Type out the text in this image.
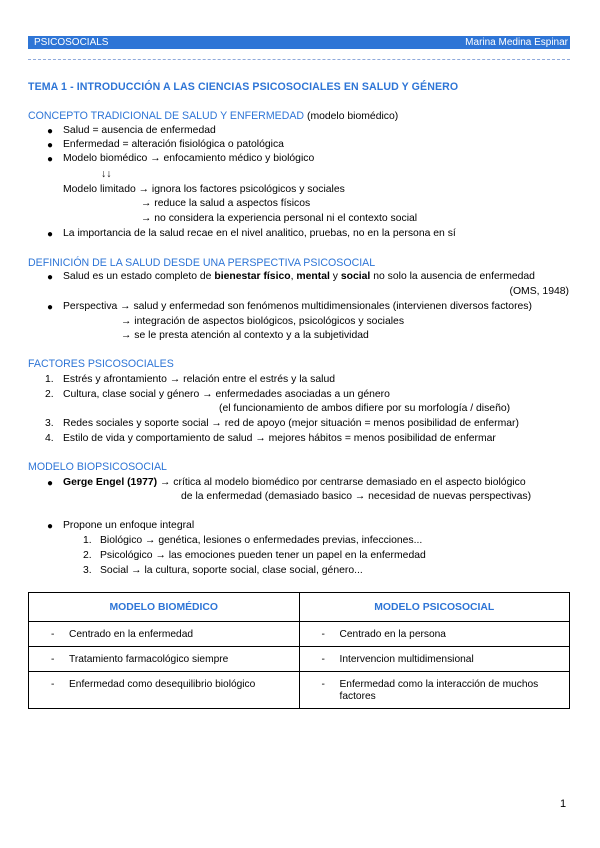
PSICOSOCIALS	Marina Medina Espinar
TEMA 1 - INTRODUCCIÓN A LAS CIENCIAS PSICOSOCIALES EN SALUD Y GÉNERO
CONCEPTO TRADICIONAL DE SALUD Y ENFERMEDAD (modelo biomédico)
● Salud = ausencia de enfermedad
● Enfermedad = alteración fisiológica o patológica
● Modelo biomédico → enfocamiento médico y biológico
↓↓
Modelo limitado → ignora los factores psicológicos y sociales
→ reduce la salud a aspectos físicos
→ no considera la experiencia personal ni el contexto social
● La importancia de la salud recae en el nivel analitico, pruebas, no en la persona en sí
DEFINICIÓN DE LA SALUD DESDE UNA PERSPECTIVA PSICOSOCIAL
● Salud es un estado completo de bienestar físico, mental y social no solo la ausencia de enfermedad
(OMS, 1948)
● Perspectiva → salud y enfermedad son fenómenos multidimensionales (intervienen diversos factores)
→ integración de aspectos biológicos, psicológicos y sociales
→ se le presta atención al contexto y a la subjetividad
FACTORES PSICOSOCIALES
1. Estrés y afrontamiento → relación entre el estrés y la salud
2. Cultura, clase social y género → enfermedades asociadas a un género
(el funcionamiento de ambos difiere por su morfología / diseño)
3. Redes sociales y soporte social → red de apoyo (mejor situación = menos posibilidad de enfermar)
4. Estilo de vida y comportamiento de salud → mejores hábitos = menos posibilidad de enfermar
MODELO BIOPSICOSOCIAL
● Gerge Engel (1977) → crítica al modelo biomédico por centrarse demasiado en el aspecto biológico
de la enfermedad (demasiado basico → necesidad de nuevas perspectivas)
● Propone un enfoque integral
1. Biológico → genética, lesiones o enfermedades previas, infecciones...
2. Psicológico → las emociones pueden tener un papel en la enfermedad
3. Social → la cultura, soporte social, clase social, género...
MODELO BIOMÉDICO	MODELO PSICOSOCIAL

- Centrado en la enfermedad	- Centrado en la persona

- Tratamiento farmacológico siempre	- Intervencion multidimensional

- Enfermedad como desequilibrio biológico	- Enfermedad como la interacción de muchos factores
1
